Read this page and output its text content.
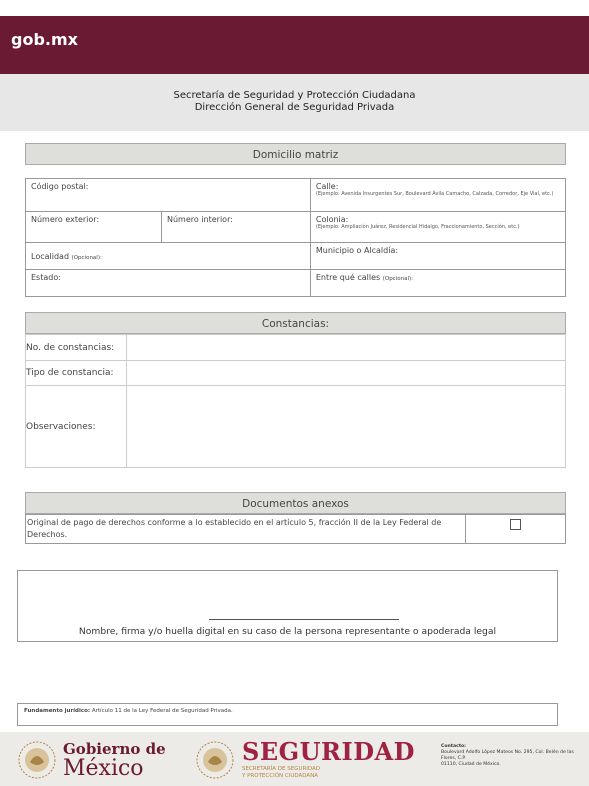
gob.mx
Secretaría de Seguridad y Protección Ciudadana
Dirección General de Seguridad Privada
Domicilio matriz
Código postal:		Calle:
(Ejemplo: Avenida Insurgentes Sur, Boulevard Ávila Camacho, Calzada, Corredor, Eje Vial, etc.)

Número exterior:	Número interior:	Colonia:
(Ejemplo: Ampliación Juárez, Residencial Hidalgo, Fraccionamiento, Sección, etc.)

Localidad (Opcional):		Municipio o Alcaldía:
Estado:		Entre qué calles (Opcional):
Constancias:
No. de constancias:	
Tipo de constancia:	
Observaciones:	
Documentos anexos
Original de pago de derechos conforme a lo establecido en el artículo 5, fracción II de la Ley Federal de Derechos.	
Nombre, firma y/o huella digital en su caso de la persona representante o apoderada legal
Fundamento jurídico: Artículo 11 de la Ley Federal de Seguridad Privada.
Gobierno de
México
SEGURIDAD
SECRETARÍA DE SEGURIDAD
Y PROTECCIÓN CIUDADANA
Contacto:
Boulevard Adolfo López Mateos No. 295, Col. Belén de las Flores, C.P.
01110, Ciudad de México.
